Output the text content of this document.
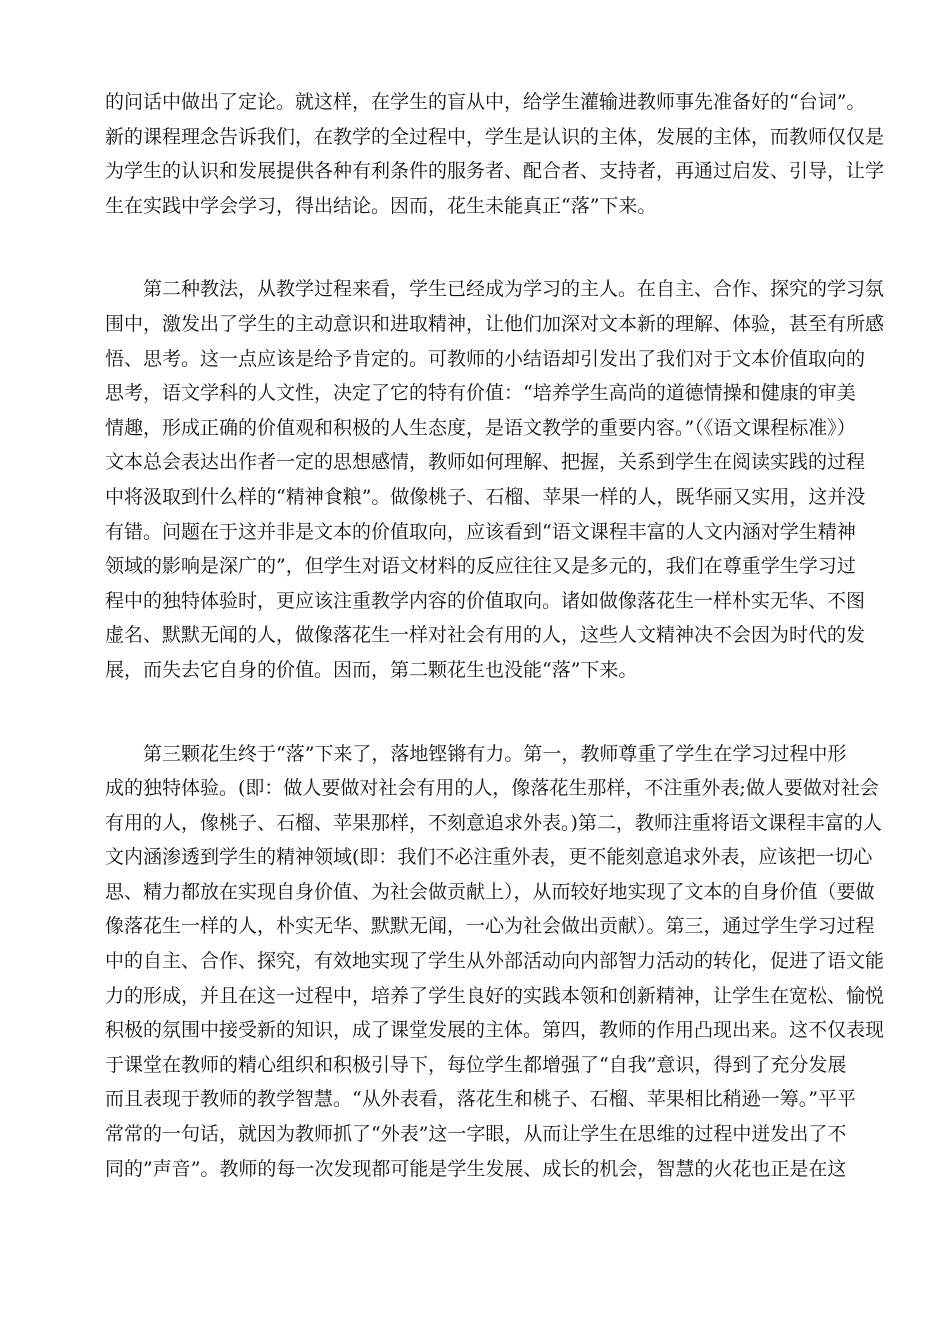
的问话中做出了定论。就这样，在学生的盲从中，给学生灌输进教师事先准备好的“台词”。
新的课程理念告诉我们，在教学的全过程中，学生是认识的主体，发展的主体，而教师仅仅是
为学生的认识和发展提供各种有利条件的服务者、配合者、支持者，再通过启发、引导，让学
生在实践中学会学习，得出结论。因而，花生未能真正“落”下来。
第二种教法，从教学过程来看，学生已经成为学习的主人。在自主、合作、探究的学习氛
围中，激发出了学生的主动意识和进取精神，让他们加深对文本新的理解、体验，甚至有所感
悟、思考。这一点应该是给予肯定的。可教师的小结语却引发出了我们对于文本价值取向的
思考，语文学科的人文性，决定了它的特有价值：“培养学生高尚的道德情操和健康的审美
情趣，形成正确的价值观和积极的人生态度，是语文教学的重要内容。”（《语文课程标准》）
文本总会表达出作者一定的思想感情，教师如何理解、把握，关系到学生在阅读实践的过程
中将汲取到什么样的“精神食粮”。做像桃子、石榴、苹果一样的人，既华丽又实用，这并没
有错。问题在于这并非是文本的价值取向，应该看到“语文课程丰富的人文内涵对学生精神
领域的影响是深广的”，但学生对语文材料的反应往往又是多元的，我们在尊重学生学习过
程中的独特体验时，更应该注重教学内容的价值取向。诸如做像落花生一样朴实无华、不图
虚名、默默无闻的人，做像落花生一样对社会有用的人，这些人文精神决不会因为时代的发
展，而失去它自身的价值。因而，第二颗花生也没能“落”下来。
第三颗花生终于“落”下来了，落地铿锵有力。第一，教师尊重了学生在学习过程中形
成的独特体验。(即：做人要做对社会有用的人，像落花生那样，不注重外表;做人要做对社会
有用的人，像桃子、石榴、苹果那样，不刻意追求外表。)第二，教师注重将语文课程丰富的人
文内涵渗透到学生的精神领域(即：我们不必注重外表，更不能刻意追求外表，应该把一切心
思、精力都放在实现自身价值、为社会做贡献上），从而较好地实现了文本的自身价值（要做
像落花生一样的人，朴实无华、默默无闻，一心为社会做出贡献）。第三，通过学生学习过程
中的自主、合作、探究，有效地实现了学生从外部活动向内部智力活动的转化，促进了语文能
力的形成，并且在这一过程中，培养了学生良好的实践本领和创新精神，让学生在宽松、愉悦
积极的氛围中接受新的知识，成了课堂发展的主体。第四，教师的作用凸现出来。这不仅表现
于课堂在教师的精心组织和积极引导下，每位学生都增强了“自我”意识，得到了充分发展
而且表现于教师的教学智慧。“从外表看，落花生和桃子、石榴、苹果相比稍逊一筹。”平平
常常的一句话，就因为教师抓了“外表”这一字眼，从而让学生在思维的过程中迸发出了不
同的”声音”。教师的每一次发现都可能是学生发展、成长的机会，智慧的火花也正是在这
